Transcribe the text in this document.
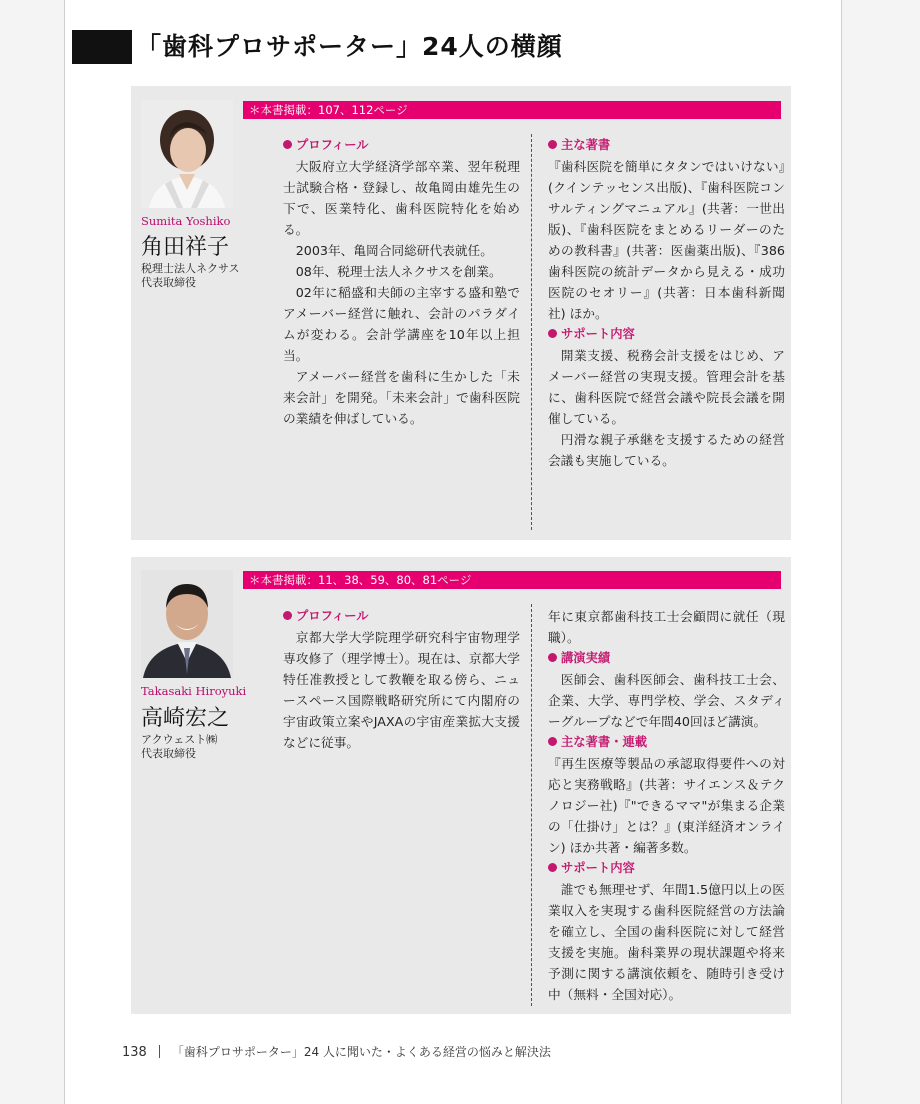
「歯科プロサポーター」24人の横顔
Sumita Yoshiko
角田祥子
税理士法人ネクサス
代表取締役
＊本書掲載：107、112ページ
プロフィール

大阪府立大学経済学部卒業、翌年税理士試験合格・登録し、故亀岡由雄先生の下で、医業特化、歯科医院特化を始める。

2003年、亀岡合同総研代表就任。

08年、税理士法人ネクサスを創業。

02年に稲盛和夫師の主宰する盛和塾でアメーバー経営に触れ、会計のパラダイムが変わる。会計学講座を10年以上担当。

アメーバー経営を歯科に生かした「未来会計」を開発。「未来会計」で歯科医院の業績を伸ばしている。

主な著書

『歯科医院を簡単にタタンではいけない』(クインテッセンス出版)、『歯科医院コンサルティングマニュアル』(共著：一世出版)、『歯科医院をまとめるリーダーのための教科書』(共著：医歯薬出版)、『386歯科医院の統計データから見える・成功医院のセオリー』(共著：日本歯科新聞社) ほか。

サポート内容

開業支援、税務会計支援をはじめ、アメーバー経営の実現支援。管理会計を基に、歯科医院で経営会議や院長会議を開催している。

円滑な親子承継を支援するための経営会議も実施している。

Takasaki Hiroyuki
高崎宏之
アクウェスト㈱
代表取締役
＊本書掲載：11、38、59、80、81ページ
プロフィール

京都大学大学院理学研究科宇宙物理学専攻修了（理学博士）。現在は、京都大学特任准教授として教鞭を取る傍ら、ニュースペース国際戦略研究所にて内閣府の宇宙政策立案やJAXAの宇宙産業拡大支援などに従事。

年に東京都歯科技工士会顧問に就任（現職）。

講演実績

医師会、歯科医師会、歯科技工士会、企業、大学、専門学校、学会、スタディーグループなどで年間40回ほど講演。

主な著書・連載

『再生医療等製品の承認取得要件への対応と実務戦略』(共著：サイエンス＆テクノロジー社)『"できるママ"が集まる企業の「仕掛け」とは？』(東洋経済オンライン) ほか共著・編著多数。

サポート内容

誰でも無理せず、年間1.5億円以上の医業収入を実現する歯科医院経営の方法論を確立し、全国の歯科医院に対して経営支援を実施。歯科業界の現状課題や将来予測に関する講演依頼を、随時引き受け中（無料・全国対応）。

138 「歯科プロサポーター」24 人に聞いた・よくある経営の悩みと解決法
